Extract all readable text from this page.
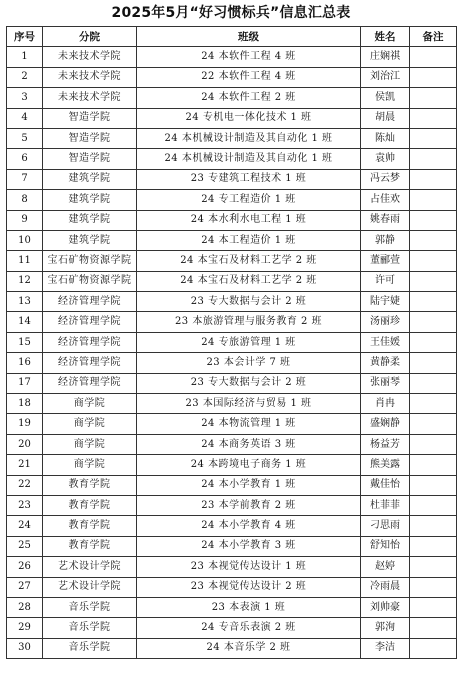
2025年5月“好习惯标兵”信息汇总表
序号	分院	班级	姓名	备注
1	未来技术学院	24 本软件工程 4 班	庄娴祺	
2	未来技术学院	22 本软件工程 4 班	刘治江	
3	未来技术学院	24 本软件工程 2 班	侯凯	
4	智造学院	24 专机电一体化技术 1 班	胡晨	
5	智造学院	24 本机械设计制造及其自动化 1 班	陈灿	
6	智造学院	24 本机械设计制造及其自动化 1 班	袁帅	
7	建筑学院	23 专建筑工程技术 1 班	冯云梦	
8	建筑学院	24 专工程造价 1 班	占佳欢	
9	建筑学院	24 本水利水电工程 1 班	姚春雨	
10	建筑学院	24 本工程造价 1 班	郭静	
11	宝石矿物资源学院	24 本宝石及材料工艺学 2 班	董郦萱	
12	宝石矿物资源学院	24 本宝石及材料工艺学 2 班	许可	
13	经济管理学院	23 专大数据与会计 2 班	陆宇婕	
14	经济管理学院	23 本旅游管理与服务教育 2 班	汤丽珍	
15	经济管理学院	24 专旅游管理 1 班	王佳媛	
16	经济管理学院	23 本会计学 7 班	黄静柔	
17	经济管理学院	23 专大数据与会计 2 班	张丽琴	
18	商学院	23 本国际经济与贸易 1 班	肖冉	
19	商学院	24 本物流管理 1 班	盛娴静	
20	商学院	24 本商务英语 3 班	杨益芳	
21	商学院	24 本跨境电子商务 1 班	熊美露	
22	教育学院	24 本小学教育 1 班	戴佳怡	
23	教育学院	23 本学前教育 2 班	杜菲菲	
24	教育学院	24 本小学教育 4 班	刁思雨	
25	教育学院	24 本小学教育 3 班	舒知怡	
26	艺术设计学院	23 本视觉传达设计 1 班	赵婷	
27	艺术设计学院	23 本视觉传达设计 2 班	冷雨晨	
28	音乐学院	23 本表演 1 班	刘帅豪	
29	音乐学院	24 专音乐表演 2 班	郭洵	
30	音乐学院	24 本音乐学 2 班	李洁	
